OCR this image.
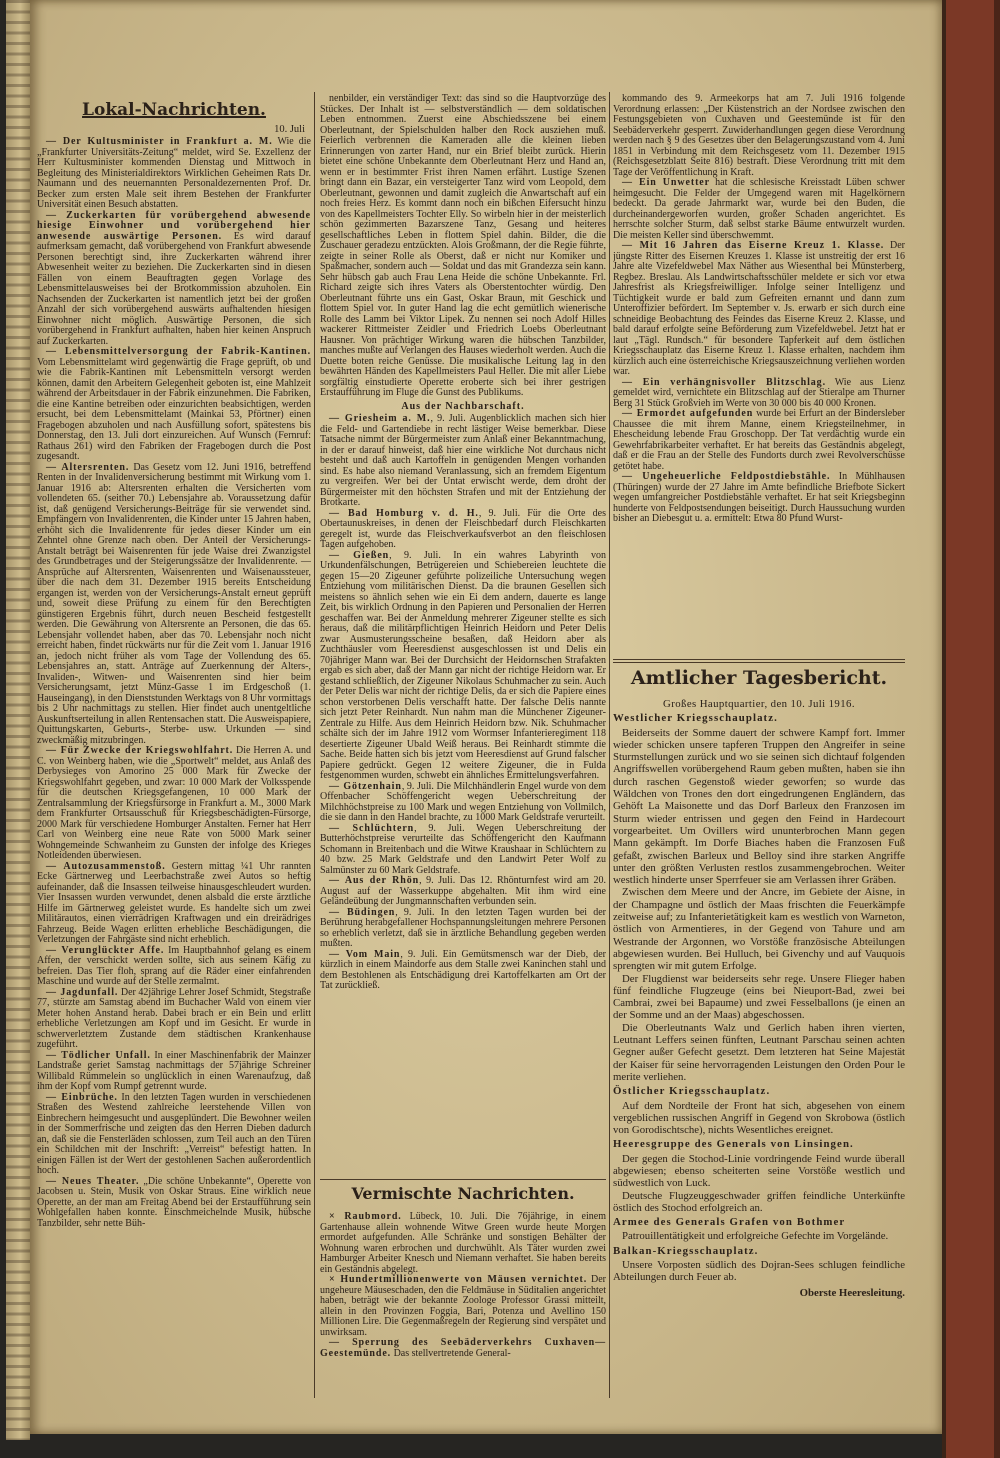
Lokal-Nachrichten.
10. Juli

— Der Kultusminister in Frankfurt a. M. Wie die „Frankfurter Universitäts-Zeitung“ meldet, wird Se. Exzellenz der Herr Kultusminister kommenden Dienstag und Mittwoch in Begleitung des Ministerialdirektors Wirklichen Geheimen Rats Dr. Naumann und des neuernannten Personaldezernenten Prof. Dr. Becker zum ersten Male seit ihrem Bestehen der Frankfurter Universität einen Besuch abstatten.

— Zuckerkarten für vorübergehend abwesende hiesige Einwohner und vorübergehend hier anwesende auswärtige Personen. Es wird darauf aufmerksam gemacht, daß vorübergehend von Frankfurt abwesende Personen berechtigt sind, ihre Zuckerkarten während ihrer Abwesenheit weiter zu beziehen. Die Zuckerkarten sind in diesen Fällen von einem Beauftragten gegen Vorlage des Lebensmittelausweises bei der Brotkommission abzuholen. Ein Nachsenden der Zuckerkarten ist namentlich jetzt bei der großen Anzahl der sich vorübergehend auswärts aufhaltenden hiesigen Einwohner nicht möglich. Auswärtige Personen, die sich vorübergehend in Frankfurt aufhalten, haben hier keinen Anspruch auf Zuckerkarten.

— Lebensmittelversorgung der Fabrik-Kantinen. Vom Lebensmittelamt wird gegenwärtig die Frage geprüft, ob und wie die Fabrik-Kantinen mit Lebensmitteln versorgt werden können, damit den Arbeitern Gelegenheit geboten ist, eine Mahlzeit während der Arbeitsdauer in der Fabrik einzunehmen. Die Fabriken, die eine Kantine betreiben oder einzurichten beabsichtigen, werden ersucht, bei dem Lebensmittelamt (Mainkai 53, Pförtner) einen Fragebogen abzuholen und nach Ausfüllung sofort, spätestens bis Donnerstag, den 13. Juli dort einzureichen. Auf Wunsch (Fernruf: Rathaus 261) wird den Fabriken der Fragebogen durch die Post zugesandt.

— Altersrenten. Das Gesetz vom 12. Juni 1916, betreffend Renten in der Invalidenversicherung bestimmt mit Wirkung vom 1. Januar 1916 ab: Altersrenten erhalten die Versicherten vom vollendeten 65. (seither 70.) Lebensjahre ab. Voraussetzung dafür ist, daß genügend Versicherungs-Beiträge für sie verwendet sind. Empfängern von Invalidenrenten, die Kinder unter 15 Jahren haben, erhöht sich die Invalidenrente für jedes dieser Kinder um ein Zehntel ohne Grenze nach oben. Der Anteil der Versicherungs-Anstalt beträgt bei Waisenrenten für jede Waise drei Zwanzigstel des Grundbetrages und der Steigerungssätze der Invalidenrente. — Ansprüche auf Altersrenten, Waisenrenten und Waisenaussteuer, über die nach dem 31. Dezember 1915 bereits Entscheidung ergangen ist, werden von der Versicherungs-Anstalt erneut geprüft und, soweit diese Prüfung zu einem für den Berechtigten günstigeren Ergebnis führt, durch neuen Bescheid festgestellt werden. Die Gewährung von Altersrente an Personen, die das 65. Lebensjahr vollendet haben, aber das 70. Lebensjahr noch nicht erreicht haben, findet rückwärts nur für die Zeit vom 1. Januar 1916 an, jedoch nicht früher als vom Tage der Vollendung des 65. Lebensjahres an, statt. Anträge auf Zuerkennung der Alters-, Invaliden-, Witwen- und Waisenrenten sind hier beim Versicherungsamt, jetzt Münz-Gasse 1 im Erdgeschoß (1. Hauseingang), in den Dienststunden Werktags von 8 Uhr vormittags bis 2 Uhr nachmittags zu stellen. Hier findet auch unentgeltliche Auskunftserteilung in allen Rentensachen statt. Die Ausweispapiere, Quittungskarten, Geburts-, Sterbe- usw. Urkunden — sind zweckmäßig mitzubringen.

— Für Zwecke der Kriegswohlfahrt. Die Herren A. und C. von Weinberg haben, wie die „Sportwelt“ meldet, aus Anlaß des Derbysieges von Amorino 25 000 Mark für Zwecke der Kriegswohlfahrt gegeben, und zwar: 10 000 Mark der Volksspende für die deutschen Kriegsgefangenen, 10 000 Mark der Zentralsammlung der Kriegsfürsorge in Frankfurt a. M., 3000 Mark dem Frankfurter Ortsausschuß für Kriegsbeschädigten-Fürsorge, 2000 Mark für verschiedene Homburger Anstalten. Ferner hat Herr Carl von Weinberg eine neue Rate von 5000 Mark seiner Wohngemeinde Schwanheim zu Gunsten der infolge des Krieges Notleidenden überwiesen.

— Autozusammenstoß. Gestern mittag ¼1 Uhr rannten Ecke Gärtnerweg und Leerbachstraße zwei Autos so heftig aufeinander, daß die Insassen teilweise hinausgeschleudert wurden. Vier Insassen wurden verwundet, denen alsbald die erste ärztliche Hilfe im Gärtnerweg geleistet wurde. Es handelte sich um zwei Militärautos, einen vierrädrigen Kraftwagen und ein dreirädriges Fahrzeug. Beide Wagen erlitten erhebliche Beschädigungen, die Verletzungen der Fahrgäste sind nicht erheblich.

— Verunglückter Affe. Im Hauptbahnhof gelang es einem Affen, der verschickt werden sollte, sich aus seinem Käfig zu befreien. Das Tier floh, sprang auf die Räder einer einfahrenden Maschine und wurde auf der Stelle zermalmt.

— Jagdunfall. Der 42jährige Lehrer Josef Schmidt, Stegstraße 77, stürzte am Samstag abend im Buchacher Wald von einem vier Meter hohen Anstand herab. Dabei brach er ein Bein und erlitt erhebliche Verletzungen am Kopf und im Gesicht. Er wurde in schwerverletztem Zustande dem städtischen Krankenhause zugeführt.

— Tödlicher Unfall. In einer Maschinenfabrik der Mainzer Landstraße geriet Samstag nachmittags der 57jährige Schreiner Willibald Rümmelein so unglücklich in einen Warenaufzug, daß ihm der Kopf vom Rumpf getrennt wurde.

— Einbrüche. In den letzten Tagen wurden in verschiedenen Straßen des Westend zahlreiche leerstehende Villen von Einbrechern heimgesucht und ausgeplündert. Die Bewohner weilen in der Sommerfrische und zeigten das den Herren Dieben dadurch an, daß sie die Fensterläden schlossen, zum Teil auch an den Türen ein Schildchen mit der Inschrift: „Verreist“ befestigt hatten. In einigen Fällen ist der Wert der gestohlenen Sachen außerordentlich hoch.

— Neues Theater. „Die schöne Unbekannte“, Operette von Jacobsen u. Stein, Musik von Oskar Straus. Eine wirklich neue Operette, an der man am Freitag Abend bei der Erstaufführung sein Wohlgefallen haben konnte. Einschmeichelnde Musik, hübsche Tanzbilder, sehr nette Büh-

nenbilder, ein verständiger Text: das sind so die Hauptvorzüge des Stückes. Der Inhalt ist — selbstverständlich — dem soldatischen Leben entnommen. Zuerst eine Abschiedsszene bei einem Oberleutnant, der Spielschulden halber den Rock ausziehen muß. Feierlich verbrennen die Kameraden alle die kleinen lieben Erinnerungen von zarter Hand, nur ein Brief bleibt zurück. Hierin bietet eine schöne Unbekannte dem Oberleutnant Herz und Hand an, wenn er in bestimmter Frist ihren Namen erfährt. Lustige Szenen bringt dann ein Bazar, ein versteigerter Tanz wird vom Leopold, dem Oberleutnant, gewonnen und damit zugleich die Anwartschaft auf ein noch freies Herz. Es kommt dann noch ein bißchen Eifersucht hinzu von des Kapellmeisters Tochter Elly. So wirbeln hier in der meisterlich schön gezimmerten Bazarszene Tanz, Gesang und heiteres gesellschaftliches Leben in flottem Spiel dahin. Bilder, die die Zuschauer geradezu entzückten. Alois Großmann, der die Regie führte, zeigte in seiner Rolle als Oberst, daß er nicht nur Komiker und Spaßmacher, sondern auch — Soldat und das mit Grandezza sein kann. Sehr hübsch gab auch Frau Lena Heide die schöne Unbekannte. Frl. Richard zeigte sich ihres Vaters als Oberstentochter würdig. Den Oberleutnant führte uns ein Gast, Oskar Braun, mit Geschick und flottem Spiel vor. In guter Hand lag die echt gemütlich wienerische Rolle des Lamm bei Viktor Lipek. Zu nennen sei noch Adolf Hilles wackerer Rittmeister Zeidler und Friedrich Loebs Oberleutnant Hausner. Von prächtiger Wirkung waren die hübschen Tanzbilder, manches mußte auf Verlangen des Hauses wiederholt werden. Auch die Duette boten reiche Genüsse. Die musikalische Leitung lag in den bewährten Händen des Kapellmeisters Paul Heller. Die mit aller Liebe sorgfältig einstudierte Operette eroberte sich bei ihrer gestrigen Erstaufführung im Fluge die Gunst des Publikums.

Aus der Nachbarschaft.

— Griesheim a. M., 9. Juli. Augenblicklich machen sich hier die Feld- und Gartendiebe in recht lästiger Weise bemerkbar. Diese Tatsache nimmt der Bürgermeister zum Anlaß einer Bekanntmachung, in der er darauf hinweist, daß hier eine wirkliche Not durchaus nicht besteht und daß auch Kartoffeln in genügenden Mengen vorhanden sind. Es habe also niemand Veranlassung, sich an fremdem Eigentum zu vergreifen. Wer bei der Untat erwischt werde, dem droht der Bürgermeister mit den höchsten Strafen und mit der Entziehung der Brotkarte.

— Bad Homburg v. d. H., 9. Juli. Für die Orte des Obertaunuskreises, in denen der Fleischbedarf durch Fleischkarten geregelt ist, wurde das Fleischverkaufsverbot an den fleischlosen Tagen aufgehoben.

— Gießen, 9. Juli. In ein wahres Labyrinth von Urkundenfälschungen, Betrügereien und Schiebereien leuchtete die gegen 15—20 Zigeuner geführte polizeiliche Untersuchung wegen Entziehung vom militärischen Dienst. Da die braunen Gesellen sich meistens so ähnlich sehen wie ein Ei dem andern, dauerte es lange Zeit, bis wirklich Ordnung in den Papieren und Personalien der Herren geschaffen war. Bei der Anmeldung mehrerer Zigeuner stellte es sich heraus, daß die militärpflichtigen Heinrich Heidorn und Peter Delis zwar Ausmusterungsscheine besaßen, daß Heidorn aber als Zuchthäusler vom Heeresdienst ausgeschlossen ist und Delis ein 70jähriger Mann war. Bei der Durchsicht der Heidornschen Strafakten ergab es sich aber, daß der Mann gar nicht der richtige Heidorn war. Er gestand schließlich, der Zigeuner Nikolaus Schuhmacher zu sein. Auch der Peter Delis war nicht der richtige Delis, da er sich die Papiere eines schon verstorbenen Delis verschafft hatte. Der falsche Delis nannte sich jetzt Peter Reinhardt. Nun nahm man die Münchener Zigeuner-Zentrale zu Hilfe. Aus dem Heinrich Heidorn bzw. Nik. Schuhmacher schälte sich der im Jahre 1912 vom Wormser Infanterieregiment 118 desertierte Zigeuner Ubald Weiß heraus. Bei Reinhardt stimmte die Sache. Beide hatten sich bis jetzt vom Heeresdienst auf Grund falscher Papiere gedrückt. Gegen 12 weitere Zigeuner, die in Fulda festgenommen wurden, schwebt ein ähnliches Ermittelungsverfahren.

— Götzenhain, 9. Juli. Die Milchhändlerin Engel wurde von dem Offenbacher Schöffengericht wegen Ueberschreitung der Milchhöchstpreise zu 100 Mark und wegen Entziehung von Vollmilch, die sie dann in den Handel brachte, zu 1000 Mark Geldstrafe verurteilt.

— Schlüchtern, 9. Juli. Wegen Ueberschreitung der Butterhöchstpreise verurteilte das Schöffengericht den Kaufmann Schomann in Breitenbach und die Witwe Kraushaar in Schlüchtern zu 40 bzw. 25 Mark Geldstrafe und den Landwirt Peter Wolf zu Salmünster zu 60 Mark Geldstrafe.

— Aus der Rhön, 9. Juli. Das 12. Rhönturnfest wird am 20. August auf der Wasserkuppe abgehalten. Mit ihm wird eine Geländeübung der Jungmannschaften verbunden sein.

— Büdingen, 9. Juli. In den letzten Tagen wurden bei der Berührung herabgefallener Hochspannungsleitungen mehrere Personen so erheblich verletzt, daß sie in ärztliche Behandlung gegeben werden mußten.

— Vom Main, 9. Juli. Ein Gemütsmensch war der Dieb, der kürzlich in einem Maindorfe aus dem Stalle zwei Kaninchen stahl und dem Bestohlenen als Entschädigung drei Kartoffelkarten am Ort der Tat zurückließ.

Vermischte Nachrichten.

× Raubmord. Lübeck, 10. Juli. Die 76jährige, in einem Gartenhause allein wohnende Witwe Green wurde heute Morgen ermordet aufgefunden. Alle Schränke und sonstigen Behälter der Wohnung waren erbrochen und durchwühlt. Als Täter wurden zwei Hamburger Arbeiter Knesch und Niemann verhaftet. Sie haben bereits ein Geständnis abgelegt.

× Hundertmillionenwerte von Mäusen vernichtet. Der ungeheure Mäuseschaden, den die Feldmäuse in Süditalien angerichtet haben, beträgt wie der bekannte Zoologe Professor Grassi mitteilt, allein in den Provinzen Foggia, Bari, Potenza und Avellino 150 Millionen Lire. Die Gegenmaßregeln der Regierung sind verspätet und unwirksam.

— Sperrung des Seebäderverkehrs Cuxhaven—Geestemünde. Das stellvertretende General-

kommando des 9. Armeekorps hat am 7. Juli 1916 folgende Verordnung erlassen: „Der Küstenstrich an der Nordsee zwischen den Festungsgebieten von Cuxhaven und Geestemünde ist für den Seebäderverkehr gesperrt. Zuwiderhandlungen gegen diese Verordnung werden nach § 9 des Gesetzes über den Belagerungszustand vom 4. Juni 1851 in Verbindung mit dem Reichsgesetz vom 11. Dezember 1915 (Reichsgesetzblatt Seite 816) bestraft. Diese Verordnung tritt mit dem Tage der Veröffentlichung in Kraft.

— Ein Unwetter hat die schlesische Kreisstadt Lüben schwer heimgesucht. Die Felder der Umgegend waren mit Hagelkörnern bedeckt. Da gerade Jahrmarkt war, wurde bei den Buden, die durcheinandergeworfen wurden, großer Schaden angerichtet. Es herrschte solcher Sturm, daß selbst starke Bäume entwurzelt wurden. Die meisten Keller sind überschwemmt.

— Mit 16 Jahren das Eiserne Kreuz 1. Klasse. Der jüngste Ritter des Eisernen Kreuzes 1. Klasse ist unstreitig der erst 16 Jahre alte Vizefeldwebel Max Näther aus Wiesenthal bei Münsterberg, Regbez. Breslau. Als Landwirtschaftsschüler meldete er sich vor etwa Jahresfrist als Kriegsfreiwilliger. Infolge seiner Intelligenz und Tüchtigkeit wurde er bald zum Gefreiten ernannt und dann zum Unteroffizier befördert. Im September v. Js. erwarb er sich durch eine schneidige Beobachtung des Feindes das Eiserne Kreuz 2. Klasse, und bald darauf erfolgte seine Beförderung zum Vizefeldwebel. Jetzt hat er laut „Tägl. Rundsch.“ für besondere Tapferkeit auf dem östlichen Kriegsschauplatz das Eiserne Kreuz 1. Klasse erhalten, nachdem ihm kürzlich auch eine österreichische Kriegsauszeichnung verliehen worden war.

— Ein verhängnisvoller Blitzschlag. Wie aus Lienz gemeldet wird, vernichtete ein Blitzschlag auf der Stieralpe am Thurner Berg 31 Stück Großvieh im Werte von 30 000 bis 40 000 Kronen.

— Ermordet aufgefunden wurde bei Erfurt an der Bindersleber Chaussee die mit ihrem Manne, einem Kriegsteilnehmer, in Ehescheidung lebende Frau Groschopp. Der Tat verdächtig wurde ein Gewehrfabrikarbeiter verhaftet. Er hat bereits das Geständnis abgelegt, daß er die Frau an der Stelle des Fundorts durch zwei Revolverschüsse getötet habe.

— Ungeheuerliche Feldpostdiebstähle. In Mühlhausen (Thüringen) wurde der 27 Jahre im Amte befindliche Briefbote Sickert wegen umfangreicher Postdiebstähle verhaftet. Er hat seit Kriegsbeginn hunderte von Feldpostsendungen beiseitigt. Durch Haussuchung wurden bisher an Diebesgut u. a. ermittelt: Etwa 80 Pfund Wurst-

Amtlicher Tagesbericht.

Großes Hauptquartier, den 10. Juli 1916.

Westlicher Kriegsschauplatz.

Beiderseits der Somme dauert der schwere Kampf fort. Immer wieder schicken unsere tapferen Truppen den Angreifer in seine Sturmstellungen zurück und wo sie seinen sich dichtauf folgenden Angriffswellen vorübergehend Raum geben mußten, haben sie ihn durch raschen Gegenstoß wieder geworfen; so wurde das Wäldchen von Trones den dort eingedrungenen Engländern, das Gehöft La Maisonette und das Dorf Barleux den Franzosen im Sturm wieder entrissen und gegen den Feind in Hardecourt vorgearbeitet. Um Ovillers wird ununterbrochen Mann gegen Mann gekämpft. Im Dorfe Biaches haben die Franzosen Fuß gefaßt, zwischen Barleux und Belloy sind ihre starken Angriffe unter den größten Verlusten restlos zusammengebrochen. Weiter westlich hinderte unser Sperrfeuer sie am Verlassen ihrer Gräben.

Zwischen dem Meere und der Ancre, im Gebiete der Aisne, in der Champagne und östlich der Maas frischten die Feuerkämpfe zeitweise auf; zu Infanterietätigkeit kam es westlich von Warneton, östlich von Armentieres, in der Gegend von Tahure und am Westrande der Argonnen, wo Vorstöße französische Abteilungen abgewiesen wurden. Bei Hulluch, bei Givenchy und auf Vauquois sprengten wir mit gutem Erfolge.

Der Flugdienst war beiderseits sehr rege. Unsere Flieger haben fünf feindliche Flugzeuge (eins bei Nieuport-Bad, zwei bei Cambrai, zwei bei Bapaume) und zwei Fesselballons (je einen an der Somme und an der Maas) abgeschossen.

Die Oberleutnants Walz und Gerlich haben ihren vierten, Leutnant Leffers seinen fünften, Leutnant Parschau seinen achten Gegner außer Gefecht gesetzt. Dem letzteren hat Seine Majestät der Kaiser für seine hervorragenden Leistungen den Orden Pour le merite verliehen.

Östlicher Kriegsschauplatz.

Auf dem Nordteile der Front hat sich, abgesehen von einem vergeblichen russischen Angriff in Gegend von Skrobowa (östlich von Gorodischtsche), nichts Wesentliches ereignet.

Heeresgruppe des Generals von Linsingen.

Der gegen die Stochod-Linie vordringende Feind wurde überall abgewiesen; ebenso scheiterten seine Vorstöße westlich und südwestlich von Luck.

Deutsche Flugzeuggeschwader griffen feindliche Unterkünfte östlich des Stochod erfolgreich an.

Armee des Generals Grafen von Bothmer

Patrouillentätigkeit und erfolgreiche Gefechte im Vorgelände.

Balkan-Kriegsschauplatz.

Unsere Vorposten südlich des Dojran-Sees schlugen feindliche Abteilungen durch Feuer ab.

Oberste Heeresleitung.
